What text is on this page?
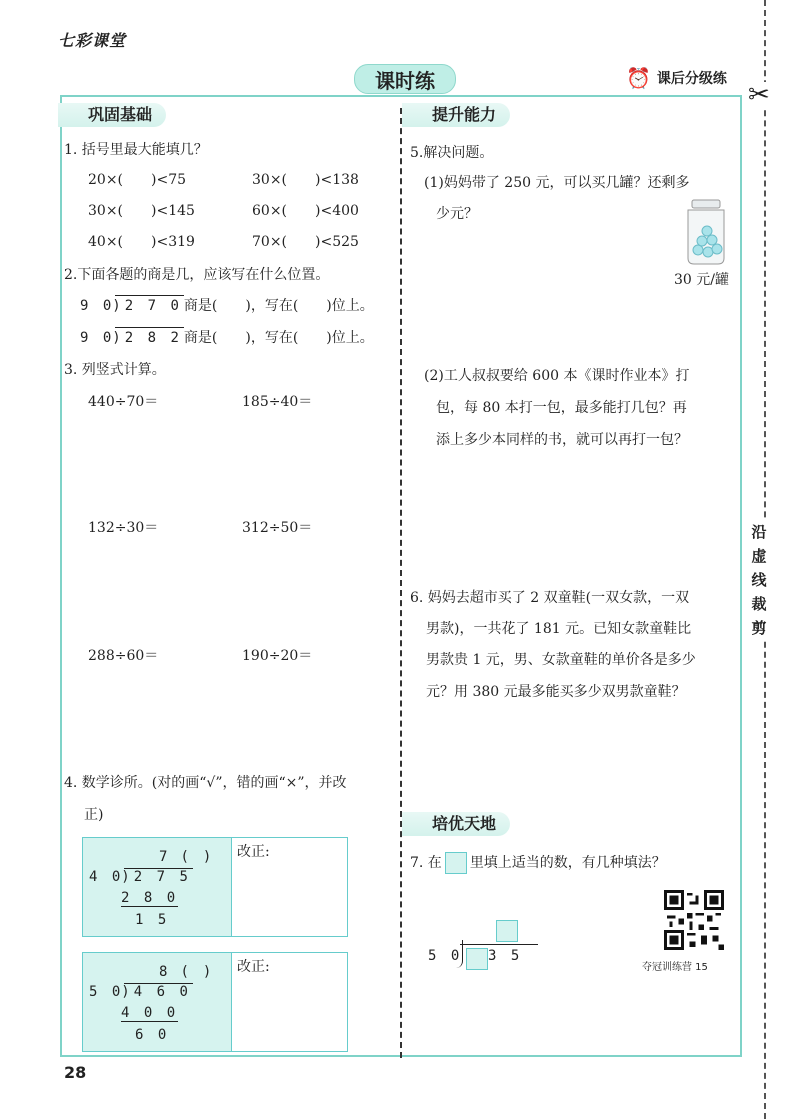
七彩课堂
课时练	⏰ 课后分级练
✂
沿虚线裁剪
巩固基础
1. 括号里最大能填几？
20×(　　)<75	30×(　　)<138
30×(　　)<145	60×(　　)<400
40×(　　)<319	70×(　　)<525
2.下面各题的商是几，应该写在什么位置。
9 0 ) 2 7 0 商是(　　)，写在(　　)位上。
9 0 ) 2 8 2 商是(　　)，写在(　　)位上。
3. 列竖式计算。
440÷70＝	185÷40＝
132÷30＝	312÷50＝
288÷60＝	190÷20＝
4. 数学诊所。(对的画“√”，错的画“×”，并改
正)
7 (　)
4 0 ) 2 7 5
2 8 0
1 5
改正:
8 (　)
5 0 ) 4 6 0
4 0 0
6 0
改正:
提升能力
5.解决问题。
(1)妈妈带了 250 元，可以买几罐？还剩多
少元？
30 元/罐
(2)工人叔叔要给 600 本《课时作业本》打
包，每 80 本打一包，最多能打几包？再
添上多少本同样的书，就可以再打一包？
6. 妈妈去超市买了 2 双童鞋(一双女款，一双
男款)，一共花了 181 元。已知女款童鞋比
男款贵 1 元，男、女款童鞋的单价各是多少
元？用 380 元最多能买多少双男款童鞋？
培优天地
7. 在 里填上适当的数，有几种填法？
5 0 3 5
夺冠训练营 15
28
